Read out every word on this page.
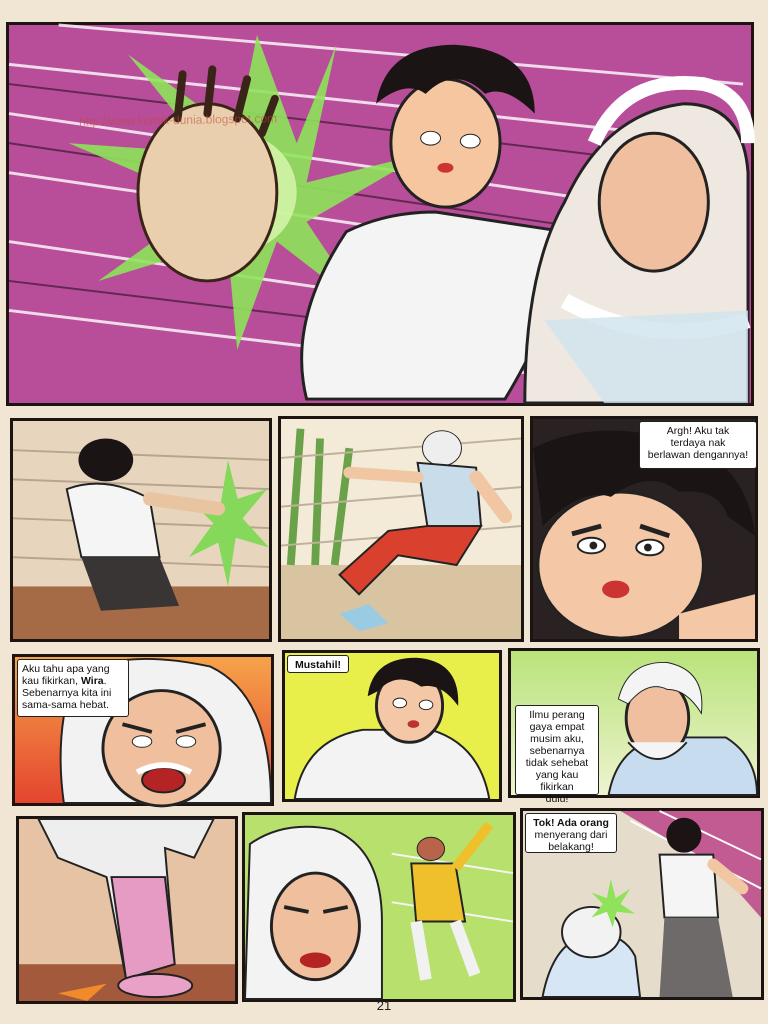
http://www.komik-dunia.blogspot.com
Argh! Aku tak
terdaya nak
berlawan dengannya!
Aku tahu apa yang
kau fikirkan, Wira.
Sebenarnya kita ini
sama-sama hebat.
Mustahil!
Ilmu perang
gaya empat
musim aku,
sebenarnya
tidak sehebat
yang kau fikirkan
dulu!
Tok! Ada orang
menyerang dari
belakang!
21
